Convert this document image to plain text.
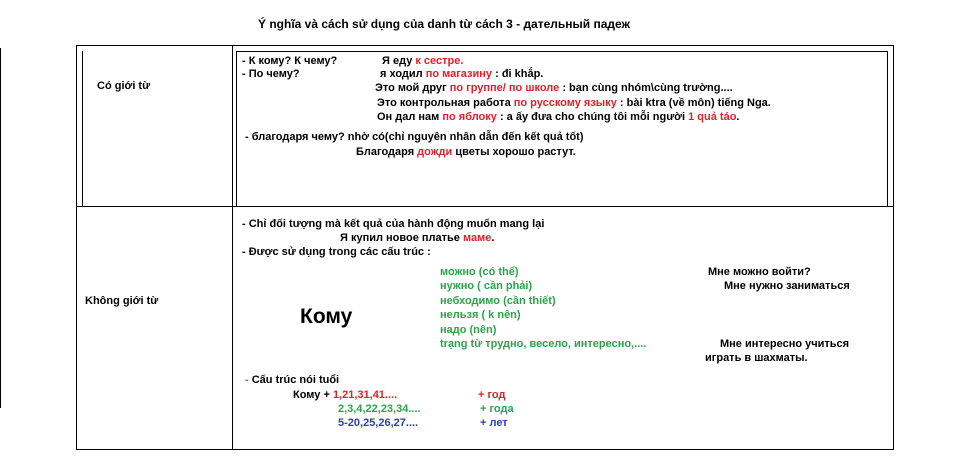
Ý nghĩa và cách sử dụng của danh từ cách 3 - дательный падеж
Có giới từ
- К кому? К чему?	Я еду к сестре.
- По чему?	я ходил по магазину : đi khắp.
Это мой друг по группе/ по школе : bạn cùng nhóm\cùng trường....
Это контрольная работа по русскому языку : bài ktra (về môn) tiếng Nga.
Он дал нам по яблоку : a ấy đưa cho chúng tôi mỗi người 1 quả táo.
- благодаря чему? nhờ có(chỉ nguyên nhân dẫn đến kết quả tốt)
Благодаря дожди цветы хорошо растут.
Không giới từ
- Chỉ đối tượng mà kết quả của hành động muốn mang lại
Я купил новое платье маме.
- Được sử dụng trong các cấu trúc :
Кому
можно (có thể)
нужно ( cần phải)
небходимо (cần thiết)
нельзя ( k nên)
надо (nên)
trạng từ трудно, весело, интересно,....
Мне можно войти?
Мне нужно заниматься
Мне интересно учиться
играть в шахматы.
- Cấu trúc nói tuổi
Кому + 1,21,31,41....
2,3,4,22,23,34....
5-20,25,26,27....
+ год
+ года
+ лет
